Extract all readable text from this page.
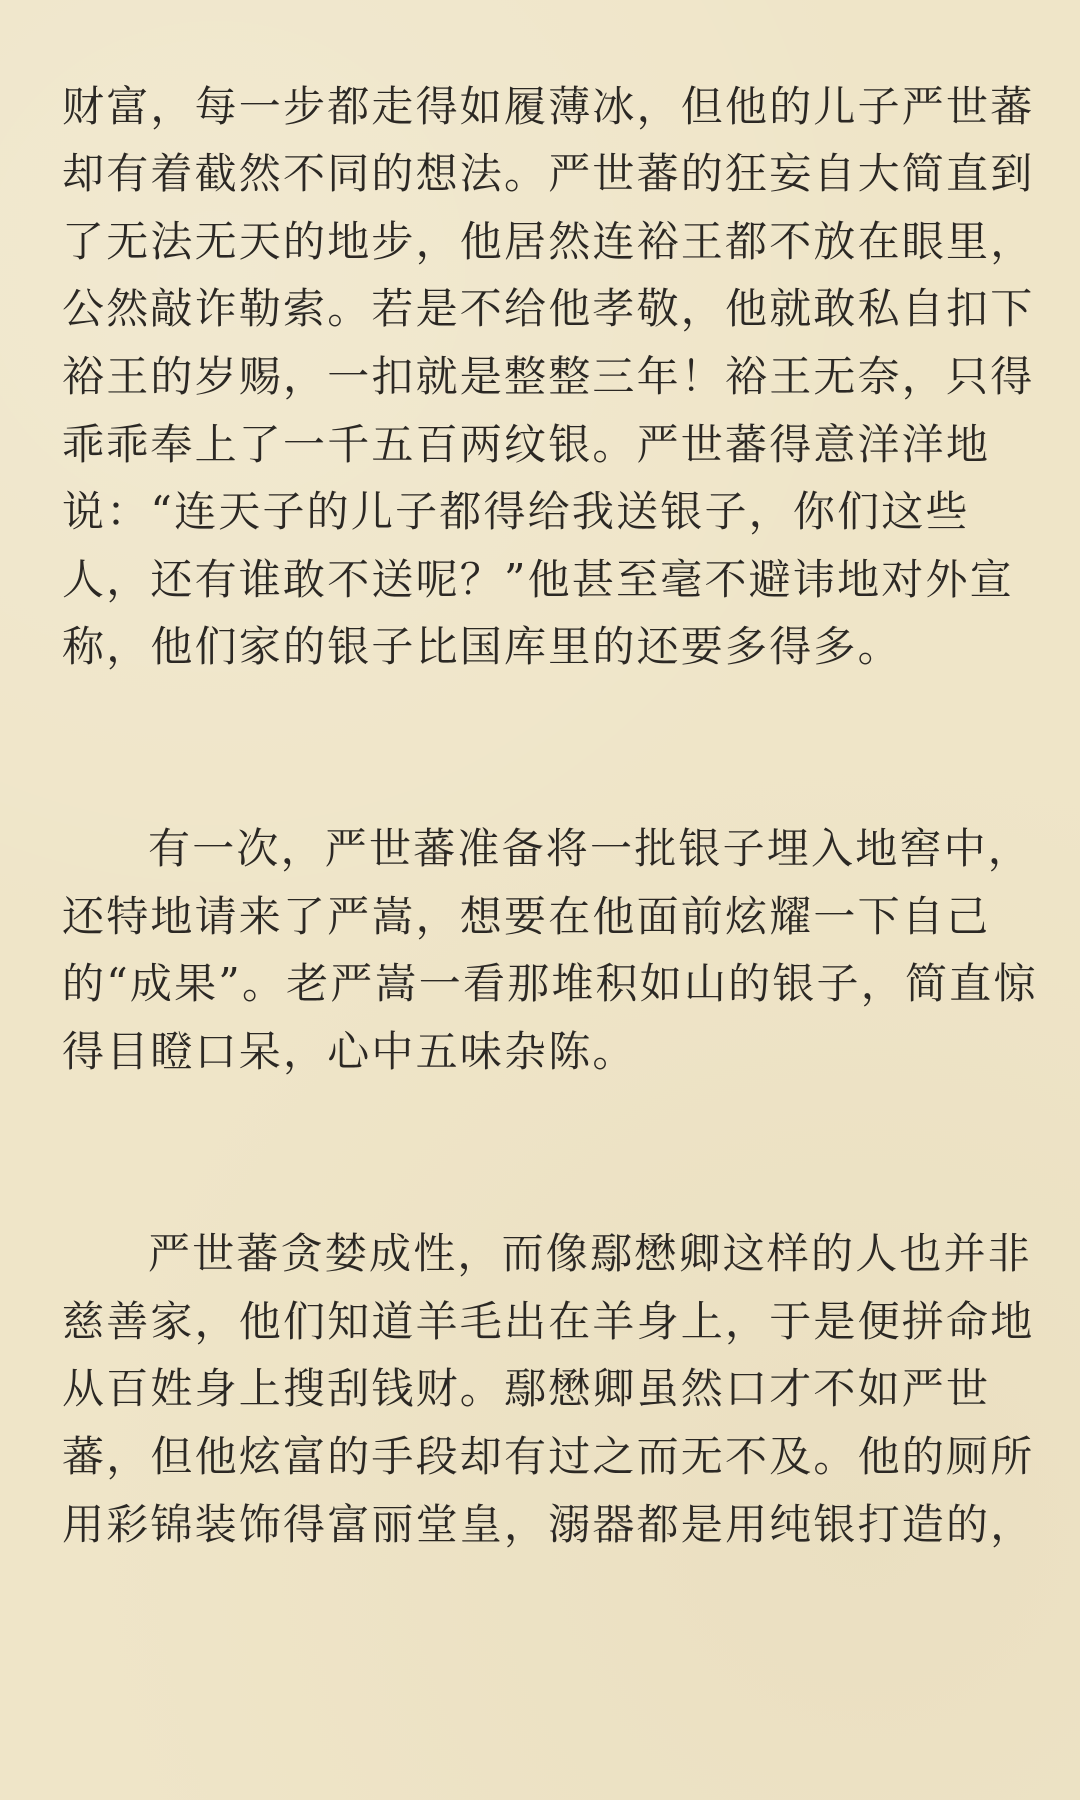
财富，每一步都走得如履薄冰，但他的儿子严世蕃
却有着截然不同的想法。严世蕃的狂妄自大简直到
了无法无天的地步，他居然连裕王都不放在眼里，
公然敲诈勒索。若是不给他孝敬，他就敢私自扣下
裕王的岁赐，一扣就是整整三年！裕王无奈，只得
乖乖奉上了一千五百两纹银。严世蕃得意洋洋地
说：“连天子的儿子都得给我送银子，你们这些
人，还有谁敢不送呢？”他甚至毫不避讳地对外宣
称，他们家的银子比国库里的还要多得多。
有一次，严世蕃准备将一批银子埋入地窖中，
还特地请来了严嵩，想要在他面前炫耀一下自己
的“成果”。老严嵩一看那堆积如山的银子，简直惊
得目瞪口呆，心中五味杂陈。
严世蕃贪婪成性，而像鄢懋卿这样的人也并非
慈善家，他们知道羊毛出在羊身上，于是便拼命地
从百姓身上搜刮钱财。鄢懋卿虽然口才不如严世
蕃，但他炫富的手段却有过之而无不及。他的厕所
用彩锦装饰得富丽堂皇，溺器都是用纯银打造的，
